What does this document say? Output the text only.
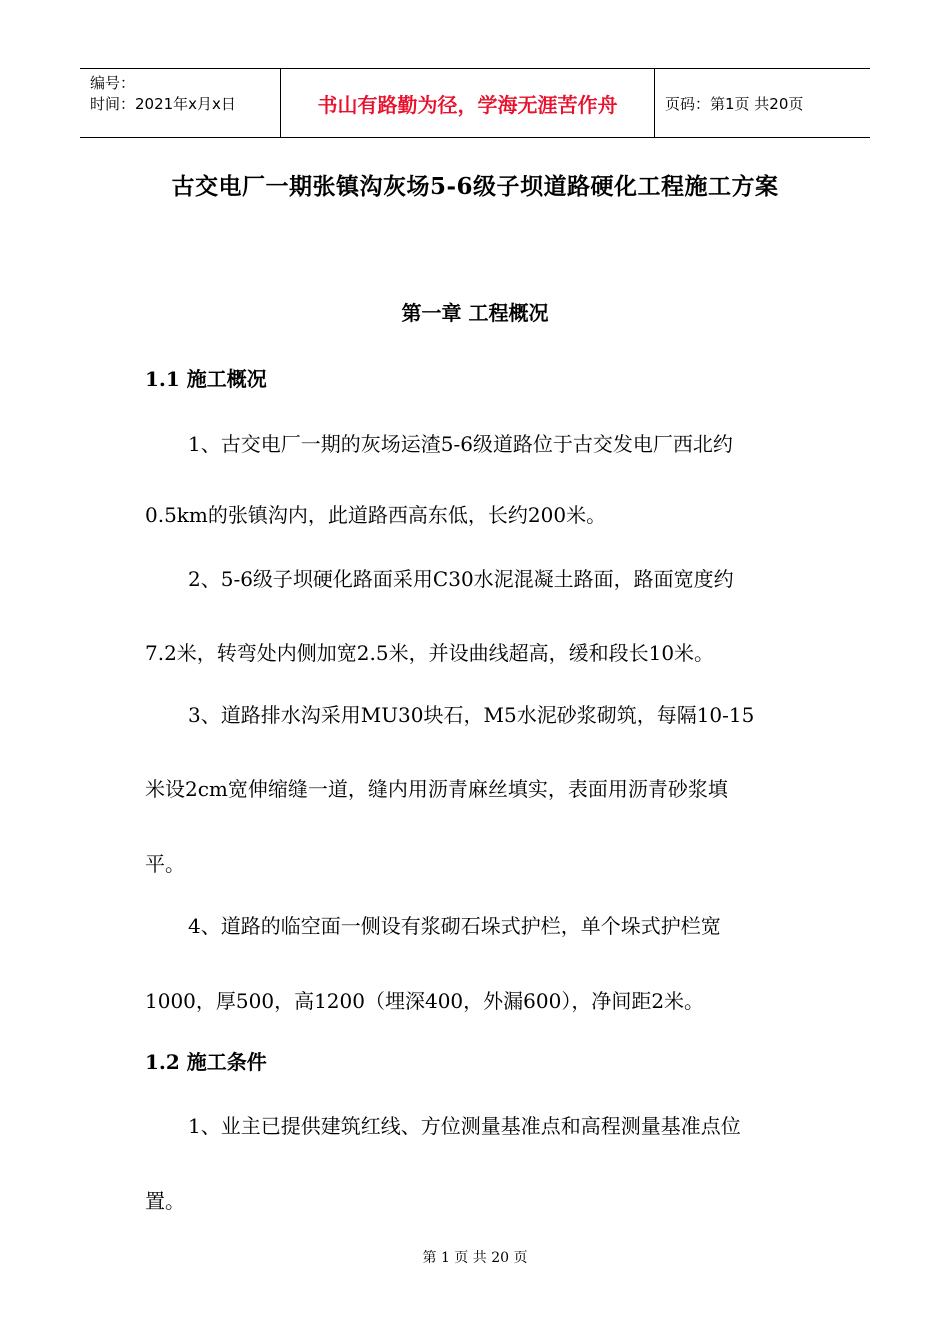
编号：
时间：2021年x月x日	书山有路勤为径，学海无涯苦作舟	页码：第1页 共20页
古交电厂一期张镇沟灰场5-6级子坝道路硬化工程施工方案
第一章 工程概况
1.1 施工概况
1、古交电厂一期的灰场运渣5-6级道路位于古交发电厂西北约
0.5km的张镇沟内，此道路西高东低，长约200米。
2、5-6级子坝硬化路面采用C30水泥混凝土路面，路面宽度约
7.2米，转弯处内侧加宽2.5米，并设曲线超高，缓和段长10米。
3、道路排水沟采用MU30块石，M5水泥砂浆砌筑，每隔10-15
米设2cm宽伸缩缝一道，缝内用沥青麻丝填实，表面用沥青砂浆填
平。
4、道路的临空面一侧设有浆砌石垛式护栏，单个垛式护栏宽
1000，厚500，高1200（埋深400，外漏600），净间距2米。
1.2 施工条件
1、业主已提供建筑红线、方位测量基准点和高程测量基准点位
置。
第 1 页 共 20 页
